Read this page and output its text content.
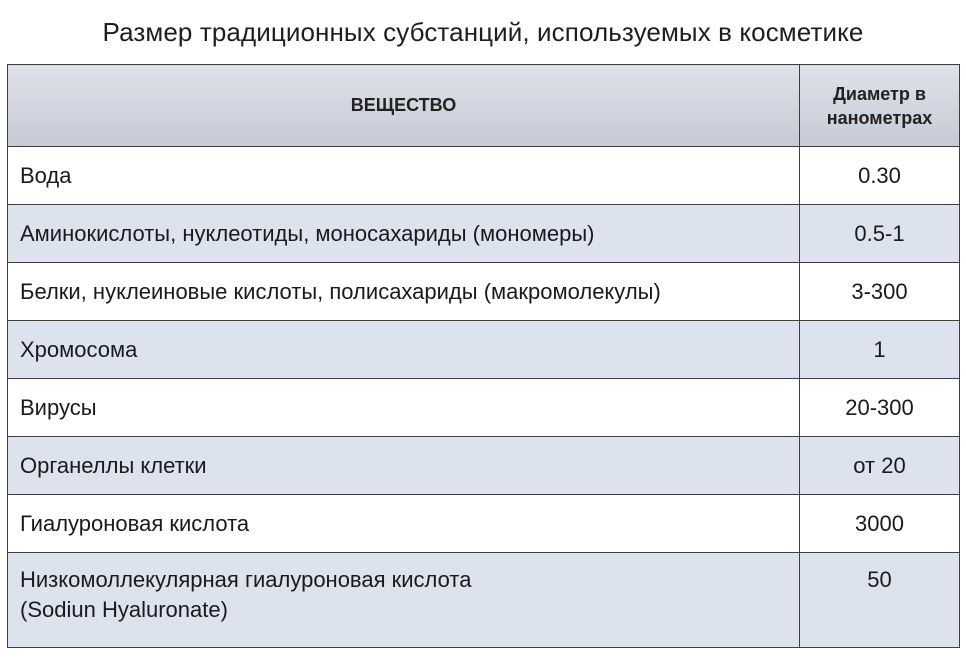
Размер традиционных субстанций, используемых в косметике
ВЕЩЕСТВО	Диаметр в
нанометрах

Вода	0.30
Аминокислоты, нуклеотиды, моносахариды (мономеры)	0.5-1
Белки, нуклеиновые кислоты, полисахариды (макромолекулы)	3-300
Хромосома	1
Вирусы	20-300
Органеллы клетки	от 20
Гиалуроновая кислота	3000

Низкомоллекулярная гиалуроновая кислота
(Sodiun Hyaluronate)	50
